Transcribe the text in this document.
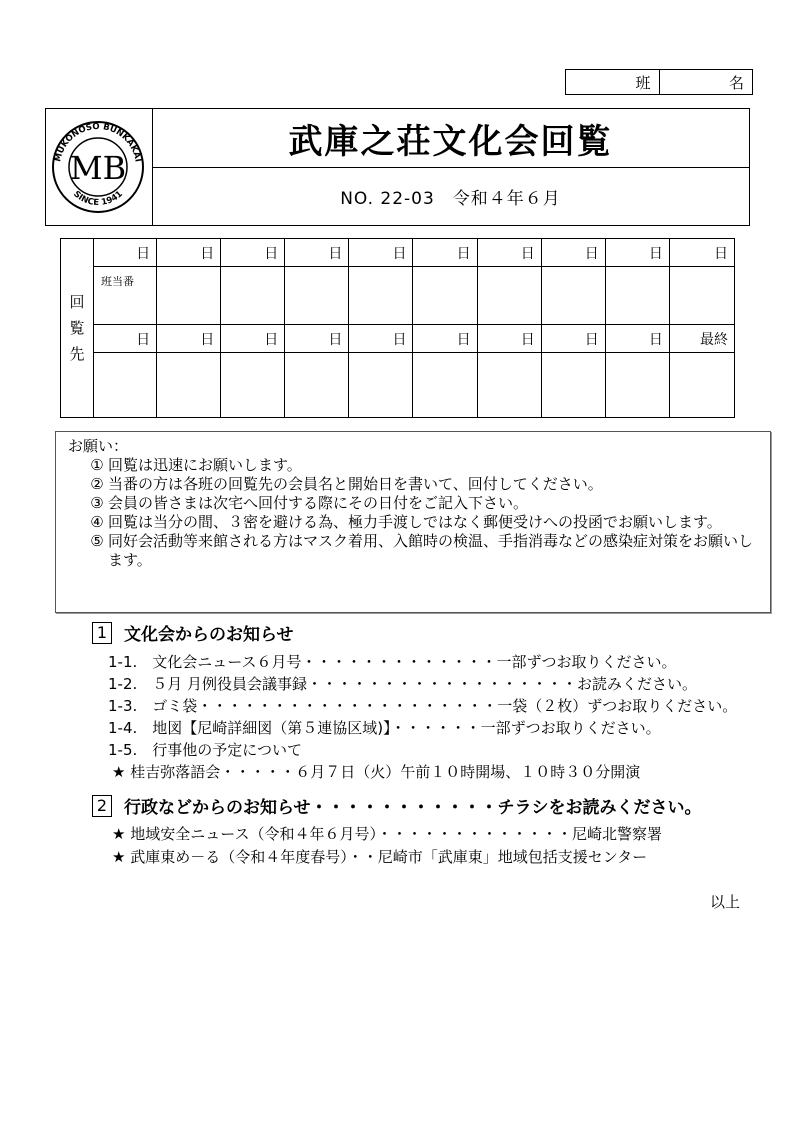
班	名
MUKONOSO BUNKAKAI
SINCE 1941
MB
武庫之荘文化会回覧
NO. 22-03　令和４年６月
回
覧
先
日	日	日	日	日	日	日	日	日	日
班当番
日	日	日	日	日	日	日	日	日	最終
お願い：
① 回覧は迅速にお願いします。
② 当番の方は各班の回覧先の会員名と開始日を書いて、回付してください。
③ 会員の皆さまは次宅へ回付する際にその日付をご記入下さい。
④ 回覧は当分の間、３密を避ける為、極力手渡しではなく郵便受けへの投函でお願いします。
⑤ 同好会活動等来館される方はマスク着用、入館時の検温、手指消毒などの感染症対策をお願いします。
1 文化会からのお知らせ
1-1.　文化会ニュース６月号・・・・・・・・・・・・・一部ずつお取りください。
1-2.　５月 月例役員会議事録・・・・・・・・・・・・・・・・・・お読みください。
1-3.　ゴミ袋・・・・・・・・・・・・・・・・・・・・一袋（２枚）ずつお取りください。
1-4.　地図【尼崎詳細図（第５連協区域)】・・・・・・一部ずつお取りください。
1-5.　行事他の予定について
★ 桂吉弥落語会・・・・・６月７日（火）午前１０時開場、１０時３０分開演
2 行政などからのお知らせ・・・・・・・・・・・チラシをお読みください。
★ 地域安全ニュース（令和４年６月号）・・・・・・・・・・・・・尼崎北警察署
★ 武庫東め－る（令和４年度春号）・・尼崎市「武庫東」地域包括支援センター
以上
